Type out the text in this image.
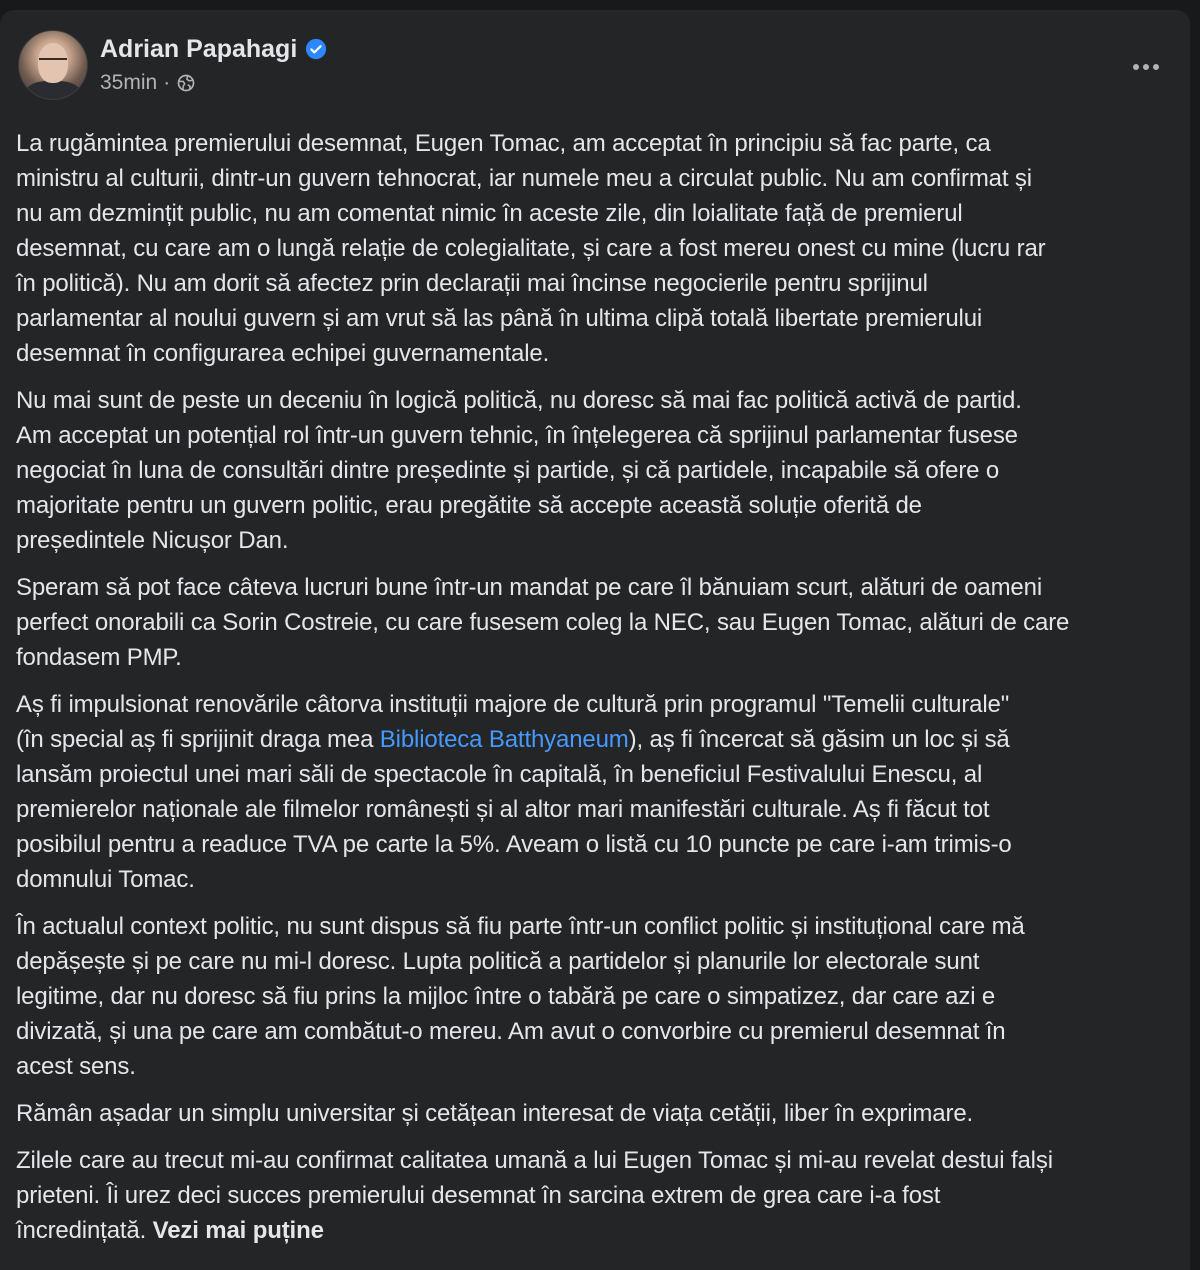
Adrian Papahagi
35min ·

La rugămintea premierului desemnat, Eugen Tomac, am acceptat în principiu să fac parte, ca
ministru al culturii, dintr-un guvern tehnocrat, iar numele meu a circulat public. Nu am confirmat și
nu am dezmințit public, nu am comentat nimic în aceste zile, din loialitate față de premierul
desemnat, cu care am o lungă relație de colegialitate, și care a fost mereu onest cu mine (lucru rar
în politică). Nu am dorit să afectez prin declarații mai încinse negocierile pentru sprijinul
parlamentar al noului guvern și am vrut să las până în ultima clipă totală libertate premierului
desemnat în configurarea echipei guvernamentale.

Nu mai sunt de peste un deceniu în logică politică, nu doresc să mai fac politică activă de partid.
Am acceptat un potențial rol într-un guvern tehnic, în înțelegerea că sprijinul parlamentar fusese
negociat în luna de consultări dintre președinte și partide, și că partidele, incapabile să ofere o
majoritate pentru un guvern politic, erau pregătite să accepte această soluție oferită de
președintele Nicușor Dan.

Speram să pot face câteva lucruri bune într-un mandat pe care îl bănuiam scurt, alături de oameni
perfect onorabili ca Sorin Costreie, cu care fusesem coleg la NEC, sau Eugen Tomac, alături de care
fondasem PMP.

Aș fi impulsionat renovările câtorva instituții majore de cultură prin programul "Temelii culturale"
(în special aș fi sprijinit draga mea Biblioteca Batthyaneum), aș fi încercat să găsim un loc și să
lansăm proiectul unei mari săli de spectacole în capitală, în beneficiul Festivalului Enescu, al
premierelor naționale ale filmelor românești și al altor mari manifestări culturale. Aș fi făcut tot
posibilul pentru a readuce TVA pe carte la 5%. Aveam o listă cu 10 puncte pe care i-am trimis-o
domnului Tomac.

În actualul context politic, nu sunt dispus să fiu parte într-un conflict politic și instituțional care mă
depășește și pe care nu mi-l doresc. Lupta politică a partidelor și planurile lor electorale sunt
legitime, dar nu doresc să fiu prins la mijloc între o tabără pe care o simpatizez, dar care azi e
divizată, și una pe care am combătut-o mereu. Am avut o convorbire cu premierul desemnat în
acest sens.

Rămân așadar un simplu universitar și cetățean interesat de viața cetății, liber în exprimare.

Zilele care au trecut mi-au confirmat calitatea umană a lui Eugen Tomac și mi-au revelat destui falși
prieteni. Îi urez deci succes premierului desemnat în sarcina extrem de grea care i-a fost
încredințată. Vezi mai puține
